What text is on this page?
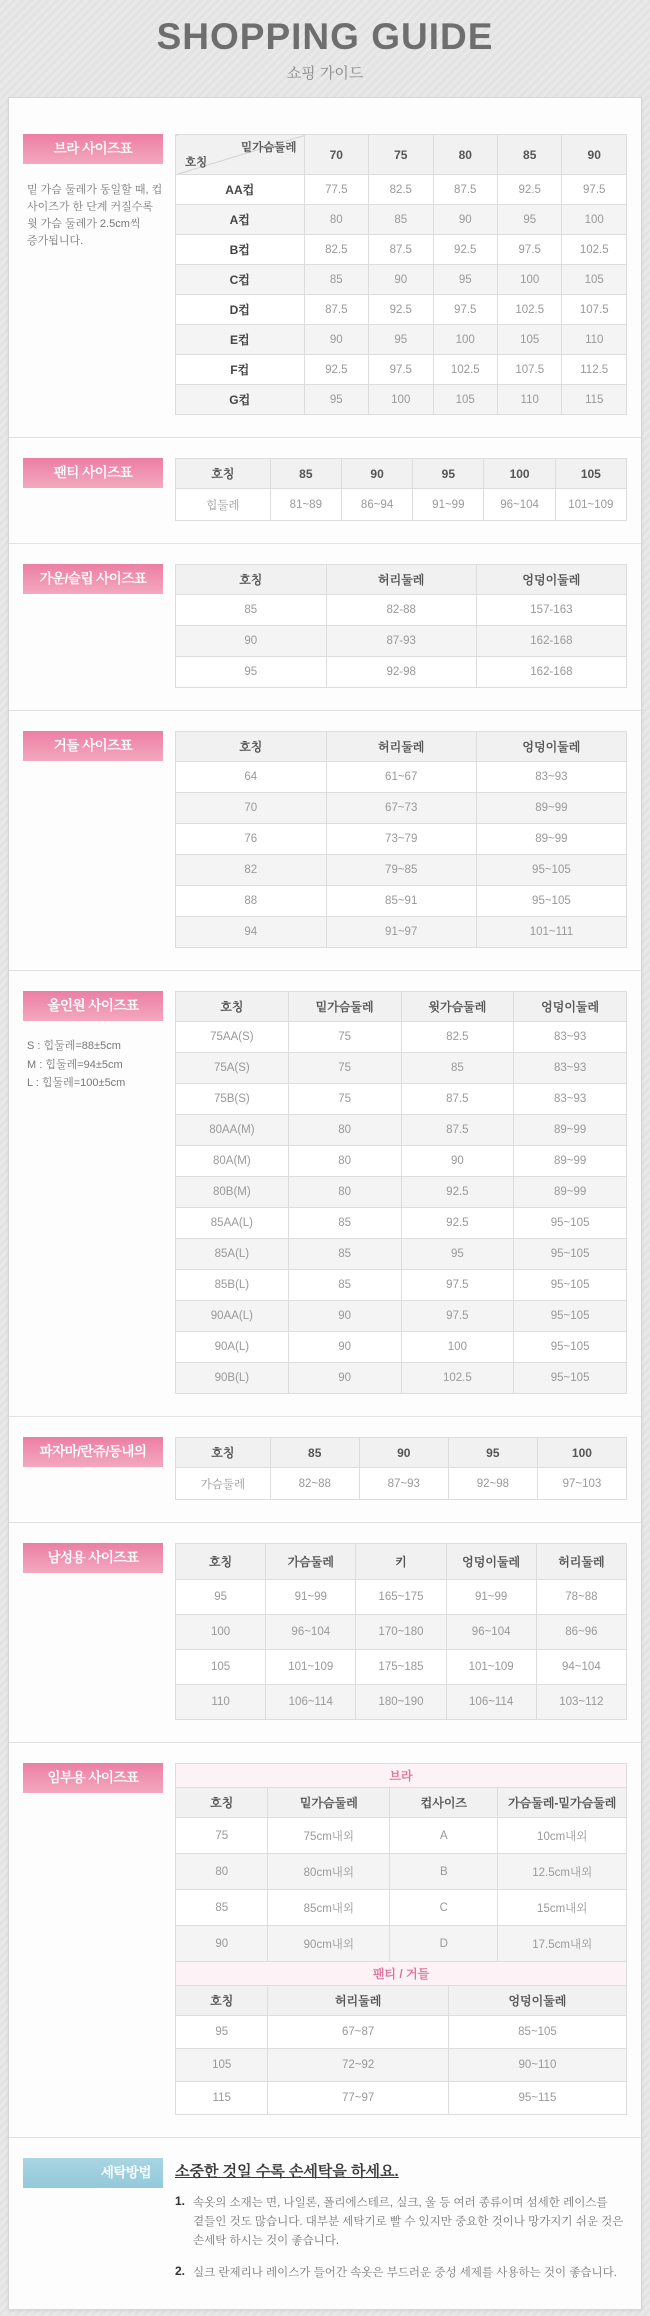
SHOPPING GUIDE
쇼핑 가이드
브라 사이즈표

밑 가슴 둘레가 동일할 때, 컵 사이즈가 한 단계 커질수록 윗 가슴 둘레가 2.5cm씩 증가됩니다.

밑가슴둘레
호칭	70	75	80	85	90
AA컵	77.5	82.5	87.5	92.5	97.5
A컵	80	85	90	95	100
B컵	82.5	87.5	92.5	97.5	102.5
C컵	85	90	95	100	105
D컵	87.5	92.5	97.5	102.5	107.5
E컵	90	95	100	105	110
F컵	92.5	97.5	102.5	107.5	112.5
G컵	95	100	105	110	115
팬티 사이즈표	호칭	85	90	95	100	105
힙둘레	81~89	86~94	91~99	96~104	101~109
가운/슬립 사이즈표	호칭	허리둘레	엉덩이둘레
85	82-88	157-163
90	87-93	162-168
95	92-98	162-168
거들 사이즈표	호칭	허리둘레	엉덩이둘레
64	61~67	83~93
70	67~73	89~99
76	73~79	89~99
82	79~85	95~105
88	85~91	95~105
94	91~97	101~111
올인원 사이즈표
S : 힙둘레=88±5cm
M : 힙둘레=94±5cm
L : 힙둘레=100±5cm
호칭	밑가슴둘레	윗가슴둘레	엉덩이둘레
75AA(S)	75	82.5	83~93
75A(S)	75	85	83~93
75B(S)	75	87.5	83~93
80AA(M)	80	87.5	89~99
80A(M)	80	90	89~99
80B(M)	80	92.5	89~99
85AA(L)	85	92.5	95~105
85A(L)	85	95	95~105
85B(L)	85	97.5	95~105
90AA(L)	90	97.5	95~105
90A(L)	90	100	95~105
90B(L)	90	102.5	95~105
파자마/란쥬/동내의	호칭	85	90	95	100
가슴둘레	82~88	87~93	92~98	97~103
남성용 사이즈표	호칭	가슴둘레	키	엉덩이둘레	허리둘레
95	91~99	165~175	91~99	78~88
100	96~104	170~180	96~104	86~96
105	101~109	175~185	101~109	94~104
110	106~114	180~190	106~114	103~112
임부용 사이즈표	브라			
호칭	밑가슴둘레	컵사이즈	가슴둘레-밑가슴둘레
75	75cm내외	A	10cm내외
80	80cm내외	B	12.5cm내외
85	85cm내외	C	15cm내외
90	90cm내외	D	17.5cm내외
팬티 / 거들		
호칭	허리둘레	엉덩이둘레
95	67~87	85~105
105	72~92	90~110
115	77~97	95~115
세탁방법	소중한 것일 수록 손세탁을 하세요.
1. 속옷의 소재는 면, 나일론, 폴리에스테르, 실크, 울 등 여러 종류이며 섬세한 레이스를 곁들인 것도 많습니다. 대부분 세탁기로 빨 수 있지만 중요한 것이나 망가지기 쉬운 것은 손세탁 하시는 것이 좋습니다.
2. 실크 란제리나 레이스가 들어간 속옷은 부드러운 중성 세제를 사용하는 것이 좋습니다.
